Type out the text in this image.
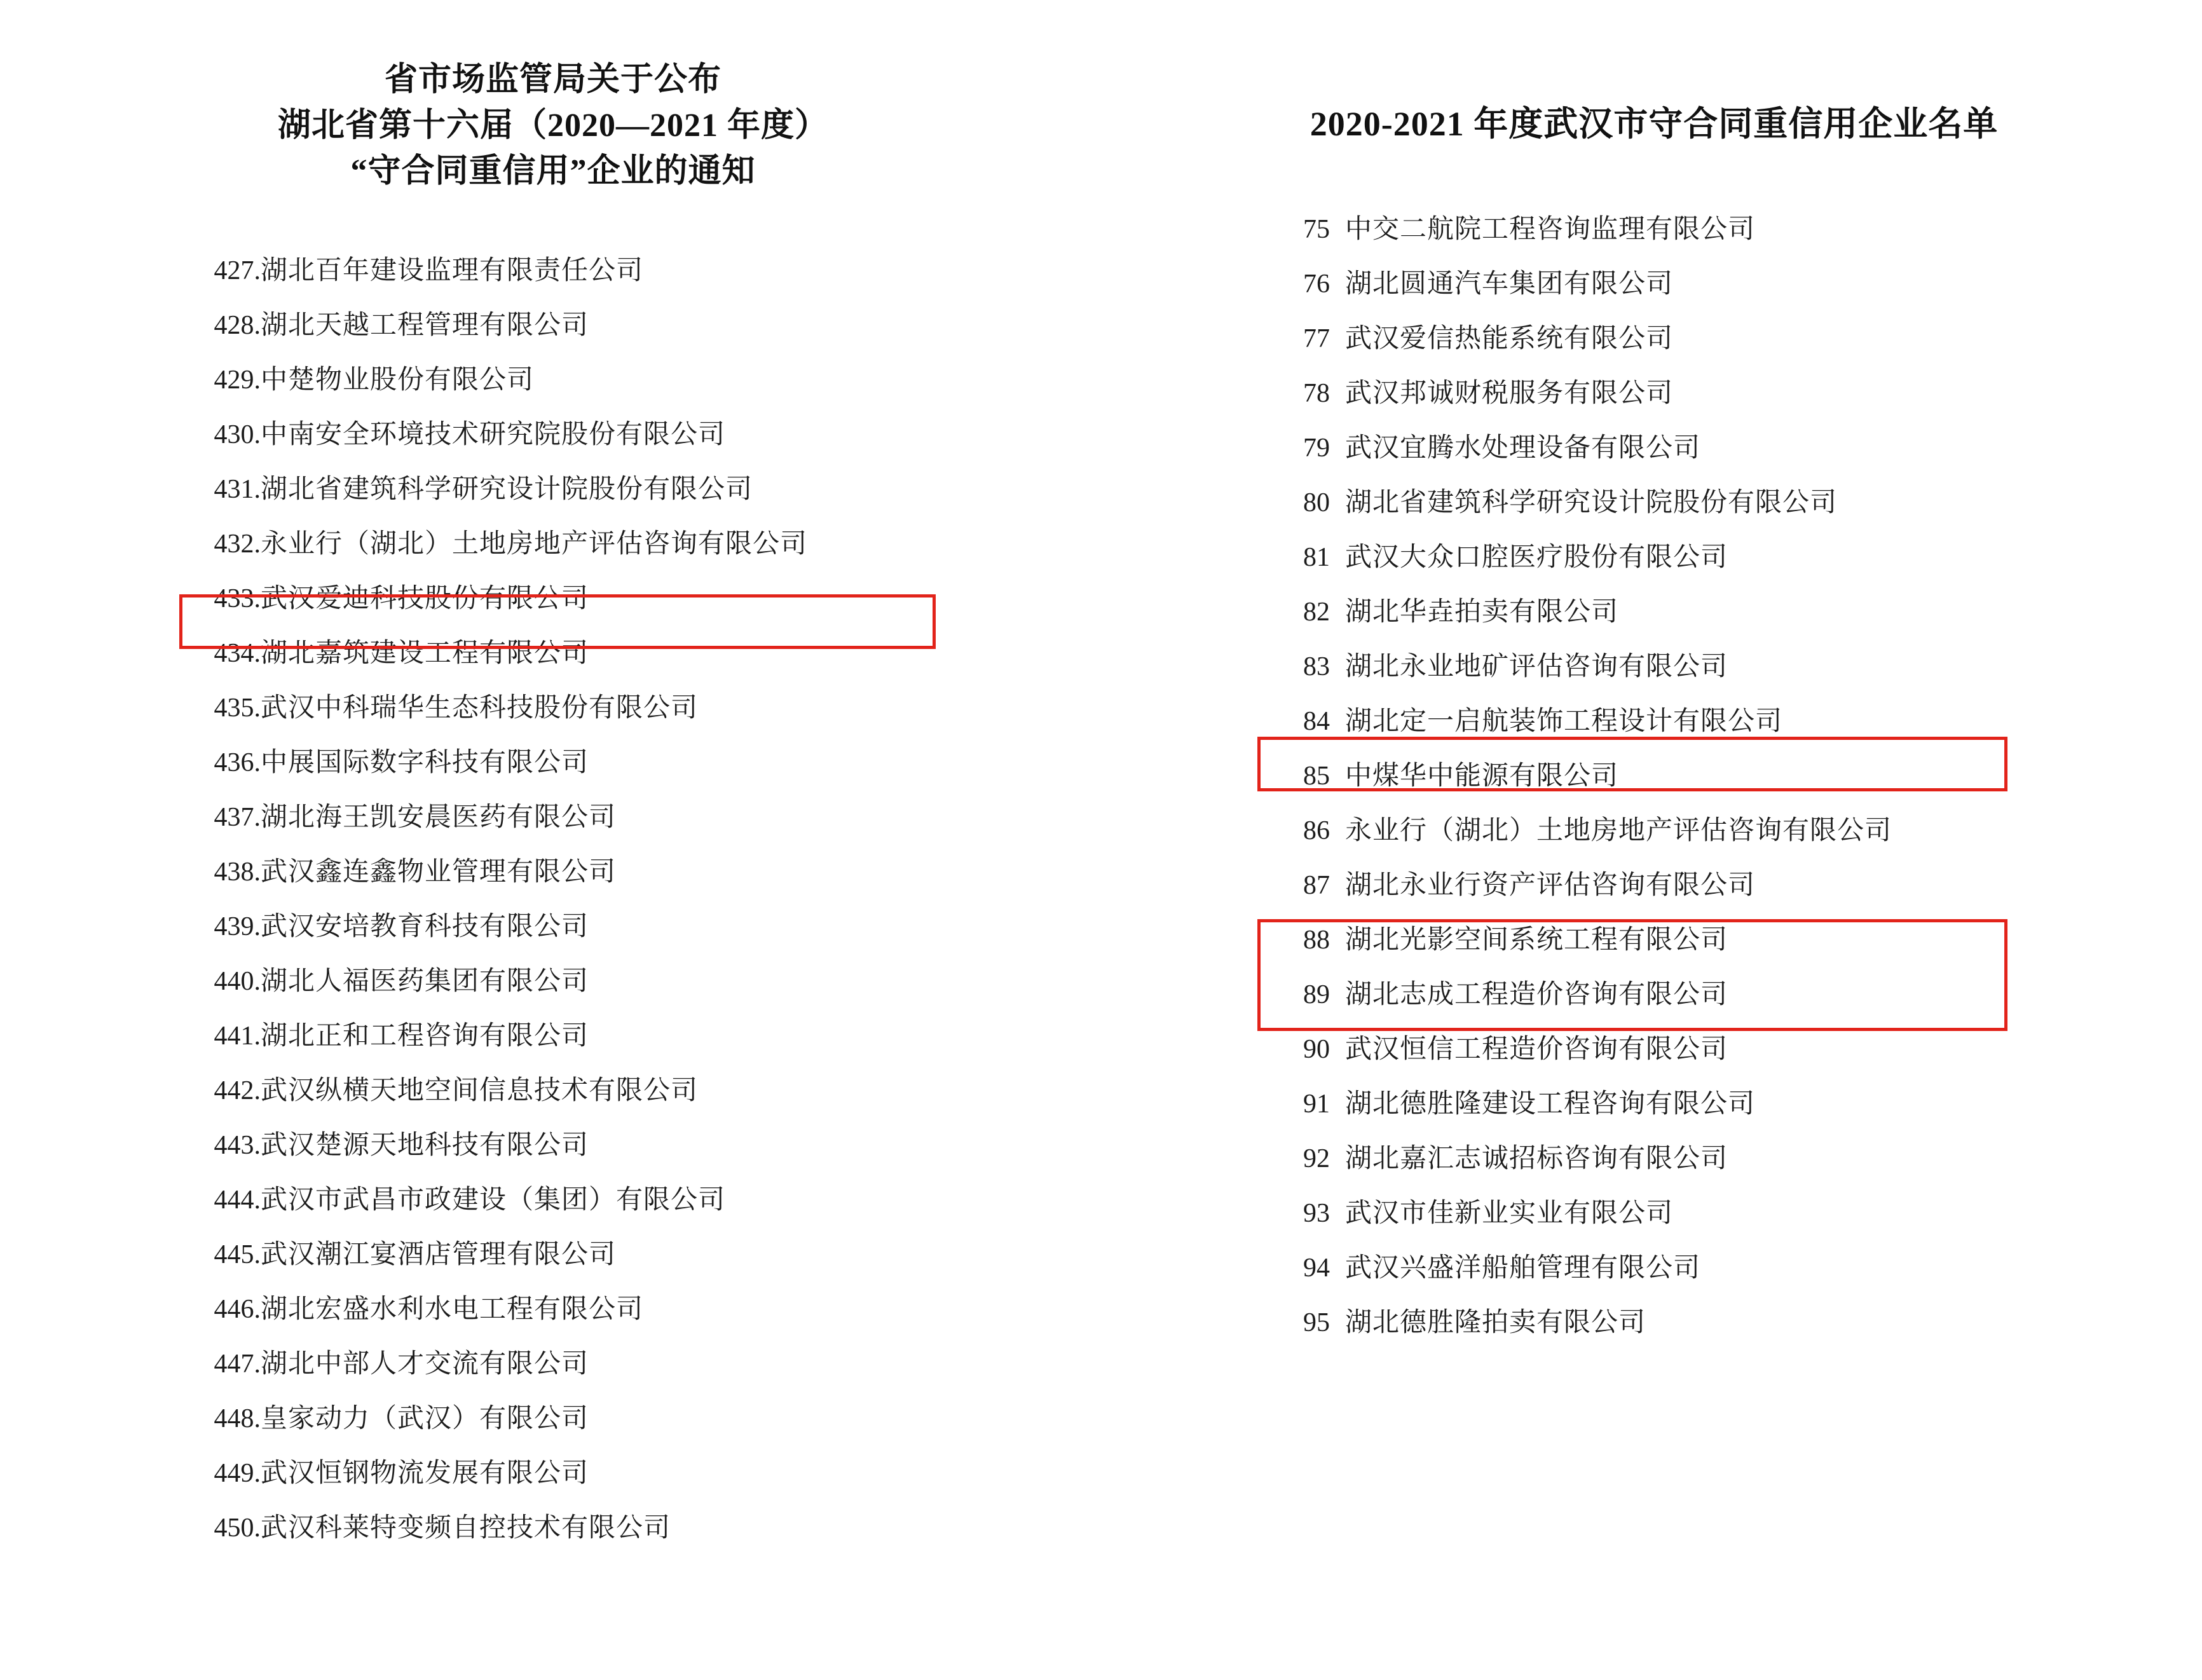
省市场监管局关于公布
湖北省第十六届（2020—2021 年度）
“守合同重信用”企业的通知
427. 湖北百年建设监理有限责任公司
428. 湖北天越工程管理有限公司
429. 中楚物业股份有限公司
430. 中南安全环境技术研究院股份有限公司
431. 湖北省建筑科学研究设计院股份有限公司
432. 永业行（湖北）土地房地产评估咨询有限公司
433. 武汉爱迪科技股份有限公司
434. 湖北嘉筑建设工程有限公司
435. 武汉中科瑞华生态科技股份有限公司
436. 中展国际数字科技有限公司
437. 湖北海王凯安晨医药有限公司
438. 武汉鑫连鑫物业管理有限公司
439. 武汉安培教育科技有限公司
440. 湖北人福医药集团有限公司
441. 湖北正和工程咨询有限公司
442. 武汉纵横天地空间信息技术有限公司
443. 武汉楚源天地科技有限公司
444. 武汉市武昌市政建设（集团）有限公司
445. 武汉潮江宴酒店管理有限公司
446. 湖北宏盛水利水电工程有限公司
447. 湖北中部人才交流有限公司
448. 皇家动力（武汉）有限公司
449. 武汉恒钢物流发展有限公司
450. 武汉科莱特变频自控技术有限公司
2020-2021 年度武汉市守合同重信用企业名单
75 中交二航院工程咨询监理有限公司
76 湖北圆通汽车集团有限公司
77 武汉爱信热能系统有限公司
78 武汉邦诚财税服务有限公司
79 武汉宜腾水处理设备有限公司
80 湖北省建筑科学研究设计院股份有限公司
81 武汉大众口腔医疗股份有限公司
82 湖北华垚拍卖有限公司
83 湖北永业地矿评估咨询有限公司
84 湖北定一启航装饰工程设计有限公司
85 中煤华中能源有限公司
86 永业行（湖北）土地房地产评估咨询有限公司
87 湖北永业行资产评估咨询有限公司
88 湖北光影空间系统工程有限公司
89 湖北志成工程造价咨询有限公司
90 武汉恒信工程造价咨询有限公司
91 湖北德胜隆建设工程咨询有限公司
92 湖北嘉汇志诚招标咨询有限公司
93 武汉市佳新业实业有限公司
94 武汉兴盛洋船舶管理有限公司
95 湖北德胜隆拍卖有限公司
